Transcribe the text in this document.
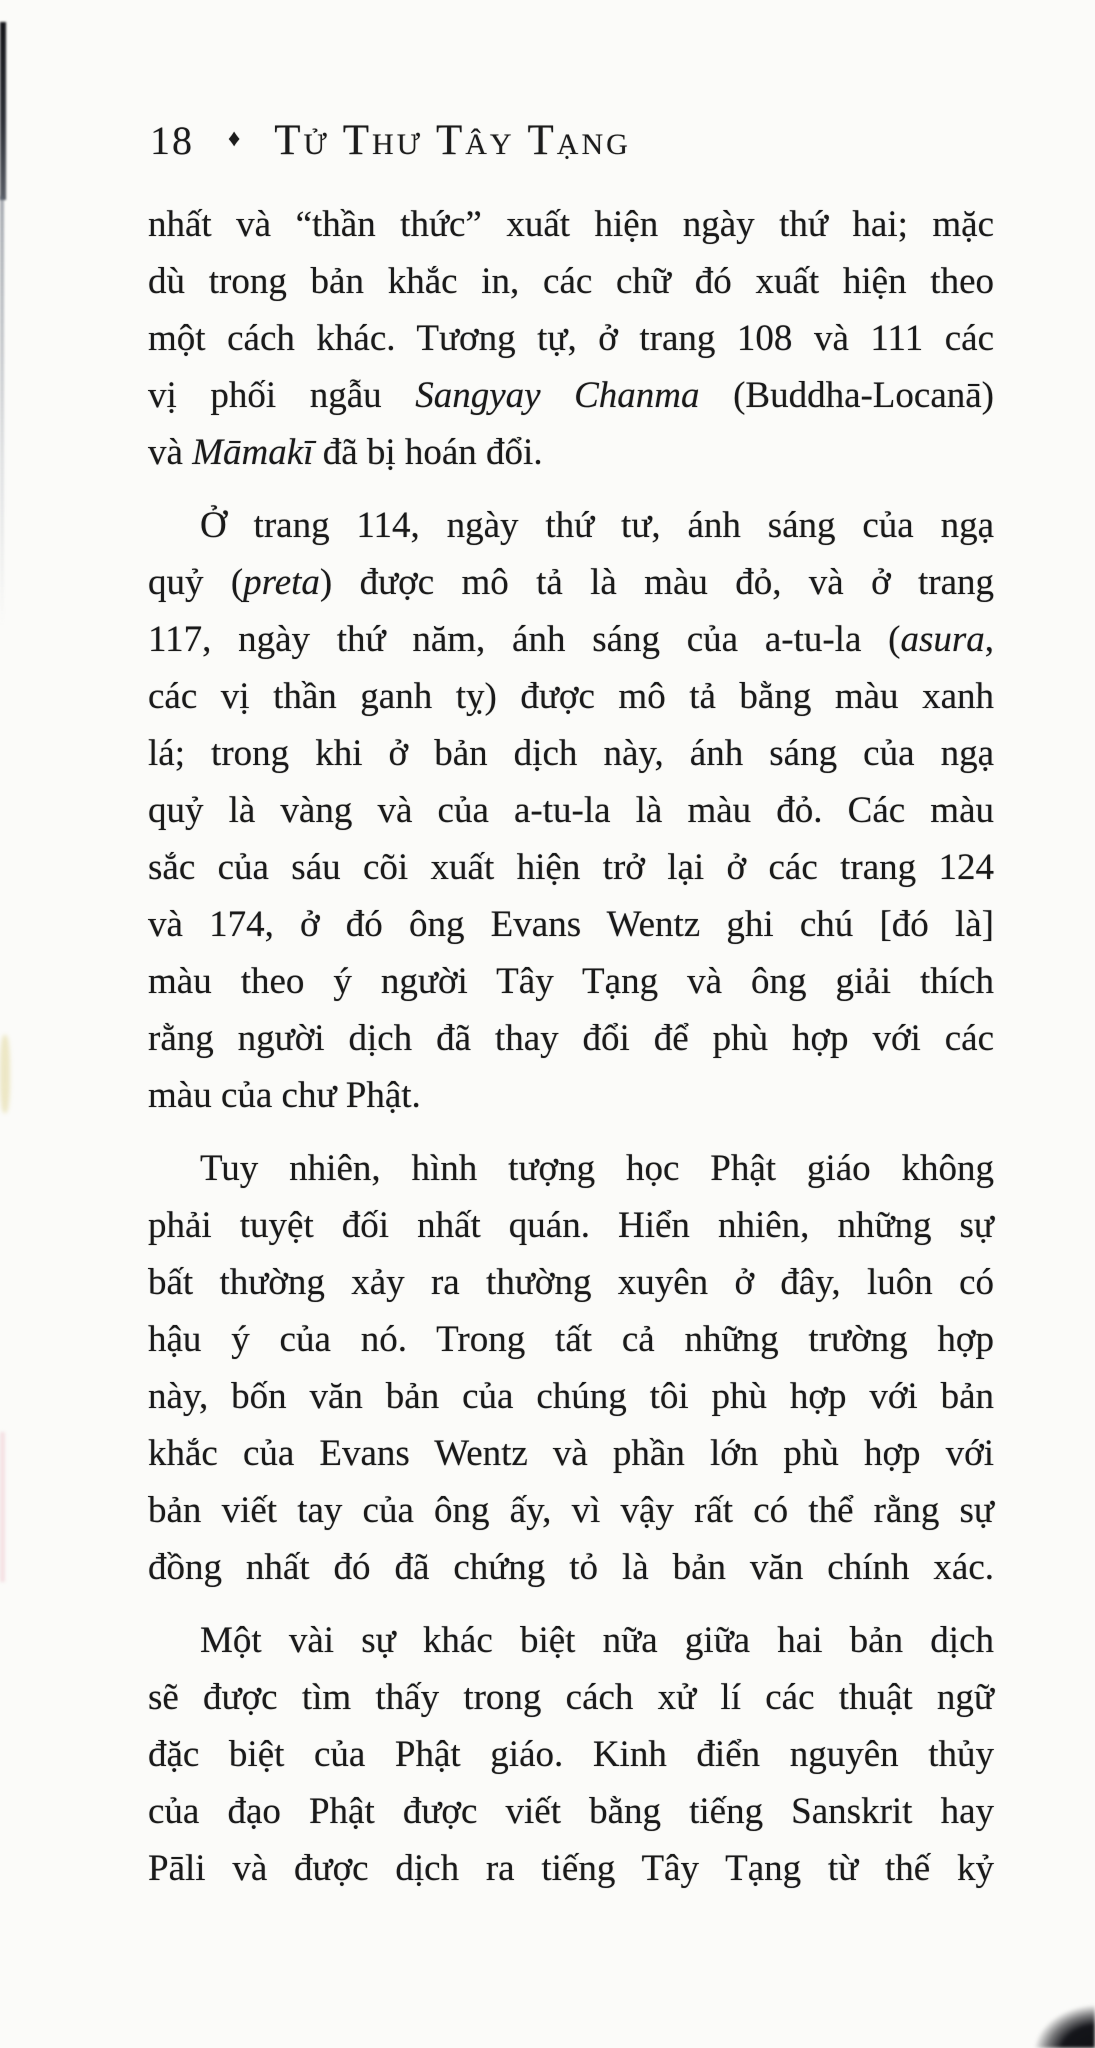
18 ♦ Tử Thư Tây Tạng
nhất và “thần thức” xuất hiện ngày thứ hai; mặc
dù trong bản khắc in, các chữ đó xuất hiện theo
một cách khác. Tương tự, ở trang 108 và 111 các
vị phối ngẫu Sangyay Chanma (Buddha-Locanā)
và Māmakī đã bị hoán đổi.
Ở trang 114, ngày thứ tư, ánh sáng của ngạ
quỷ (preta) được mô tả là màu đỏ, và ở trang
117, ngày thứ năm, ánh sáng của a-tu-la (asura,
các vị thần ganh tỵ) được mô tả bằng màu xanh
lá; trong khi ở bản dịch này, ánh sáng của ngạ
quỷ là vàng và của a-tu-la là màu đỏ. Các màu
sắc của sáu cõi xuất hiện trở lại ở các trang 124
và 174, ở đó ông Evans Wentz ghi chú [đó là]
màu theo ý người Tây Tạng và ông giải thích
rằng người dịch đã thay đổi để phù hợp với các
màu của chư Phật.
Tuy nhiên, hình tượng học Phật giáo không
phải tuyệt đối nhất quán. Hiển nhiên, những sự
bất thường xảy ra thường xuyên ở đây, luôn có
hậu ý của nó. Trong tất cả những trường hợp
này, bốn văn bản của chúng tôi phù hợp với bản
khắc của Evans Wentz và phần lớn phù hợp với
bản viết tay của ông ấy, vì vậy rất có thể rằng sự
đồng nhất đó đã chứng tỏ là bản văn chính xác.
Một vài sự khác biệt nữa giữa hai bản dịch
sẽ được tìm thấy trong cách xử lí các thuật ngữ
đặc biệt của Phật giáo. Kinh điển nguyên thủy
của đạo Phật được viết bằng tiếng Sanskrit hay
Pāli và được dịch ra tiếng Tây Tạng từ thế kỷ
